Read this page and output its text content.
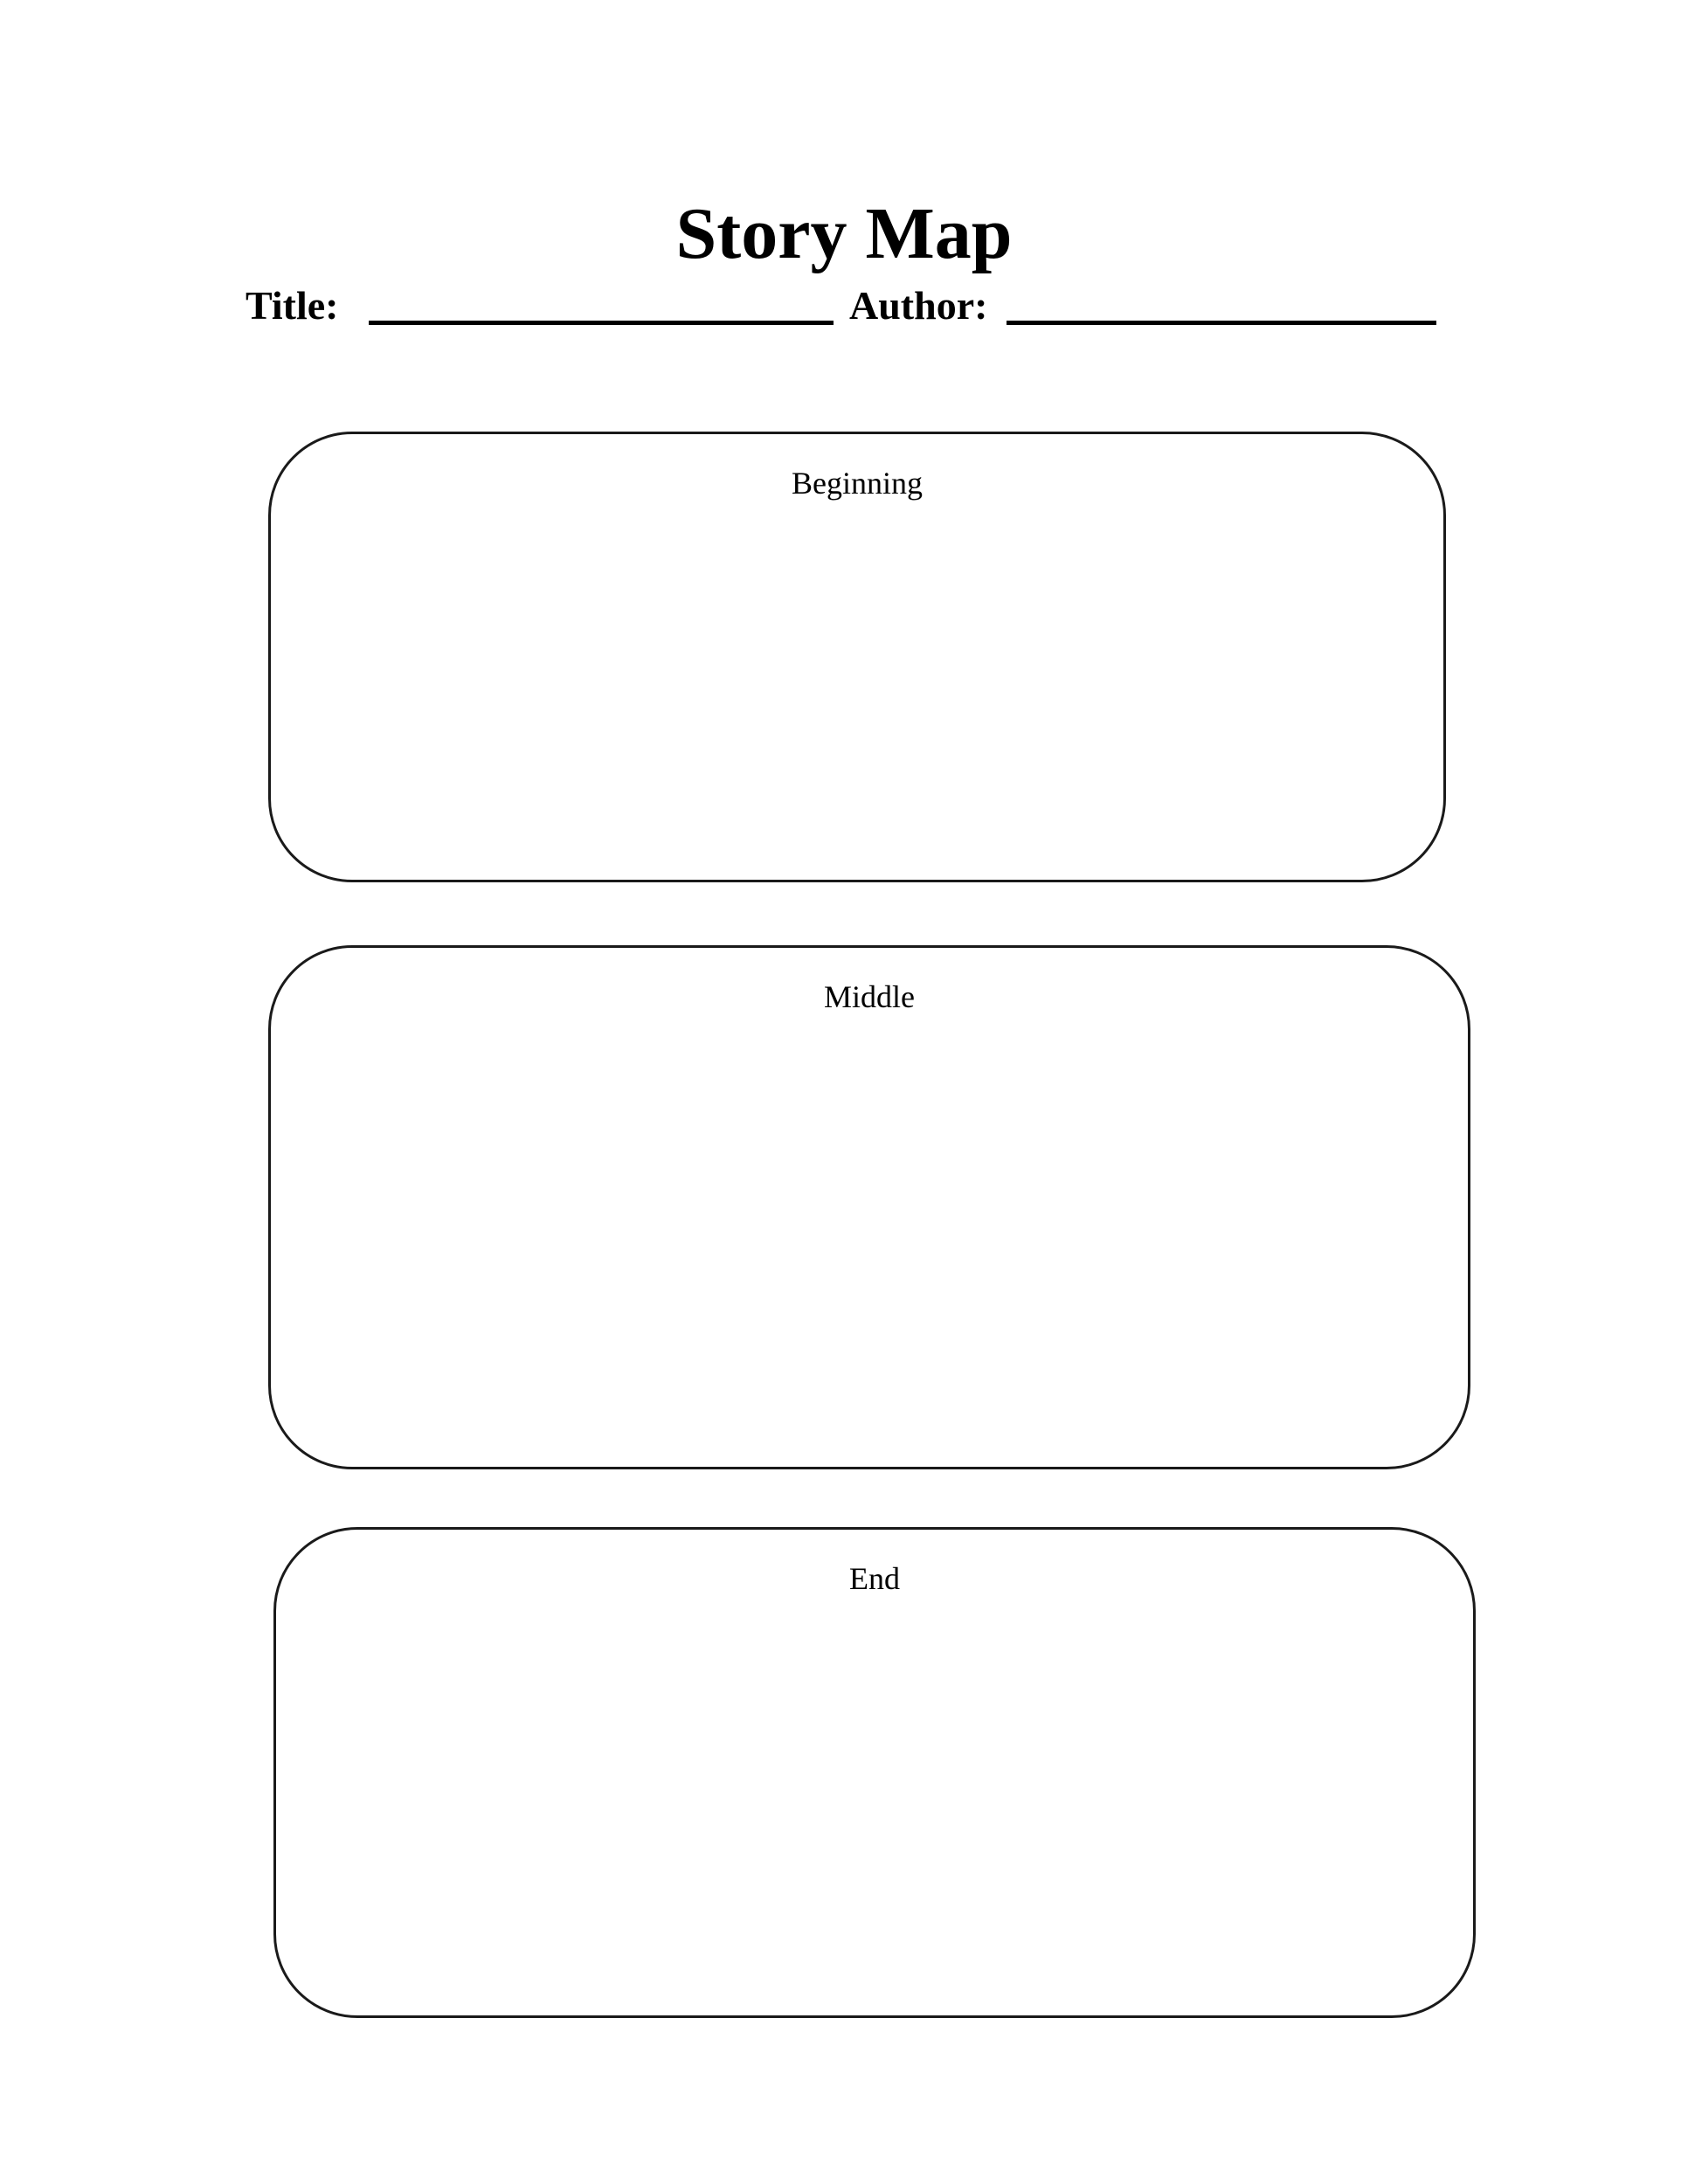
Story Map
Title:	Author:
Beginning
Middle
End
